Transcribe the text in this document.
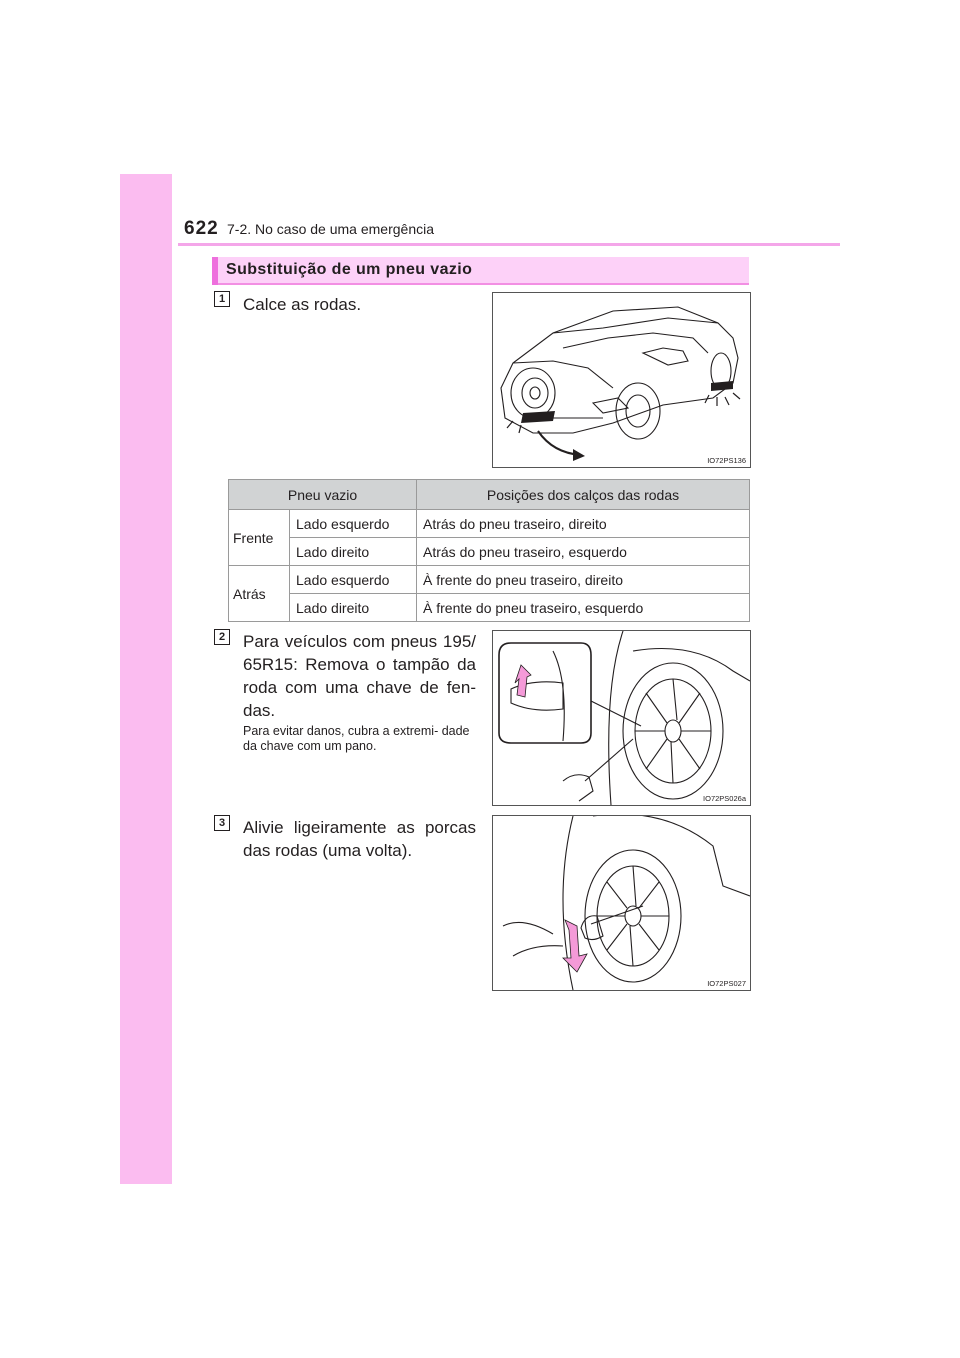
622 7-2. No caso de uma emergência
Substituição de um pneu vazio
1 Calce as rodas.
IO72PS136
Pneu vazio		Posições dos calços das rodas
Frente	Lado esquerdo	Atrás do pneu traseiro, direito
	Lado direito	Atrás do pneu traseiro, esquerdo
Atrás	Lado esquerdo	À frente do pneu traseiro, direito
	Lado direito	À frente do pneu traseiro, esquerdo
2 Para veículos com pneus 195/ 65R15: Remova o tampão da roda com uma chave de fen- das.
Para evitar danos, cubra a extremi- dade da chave com um pano.
IO72PS026a
3 Alivie ligeiramente as porcas das rodas (uma volta).
IO72PS027
